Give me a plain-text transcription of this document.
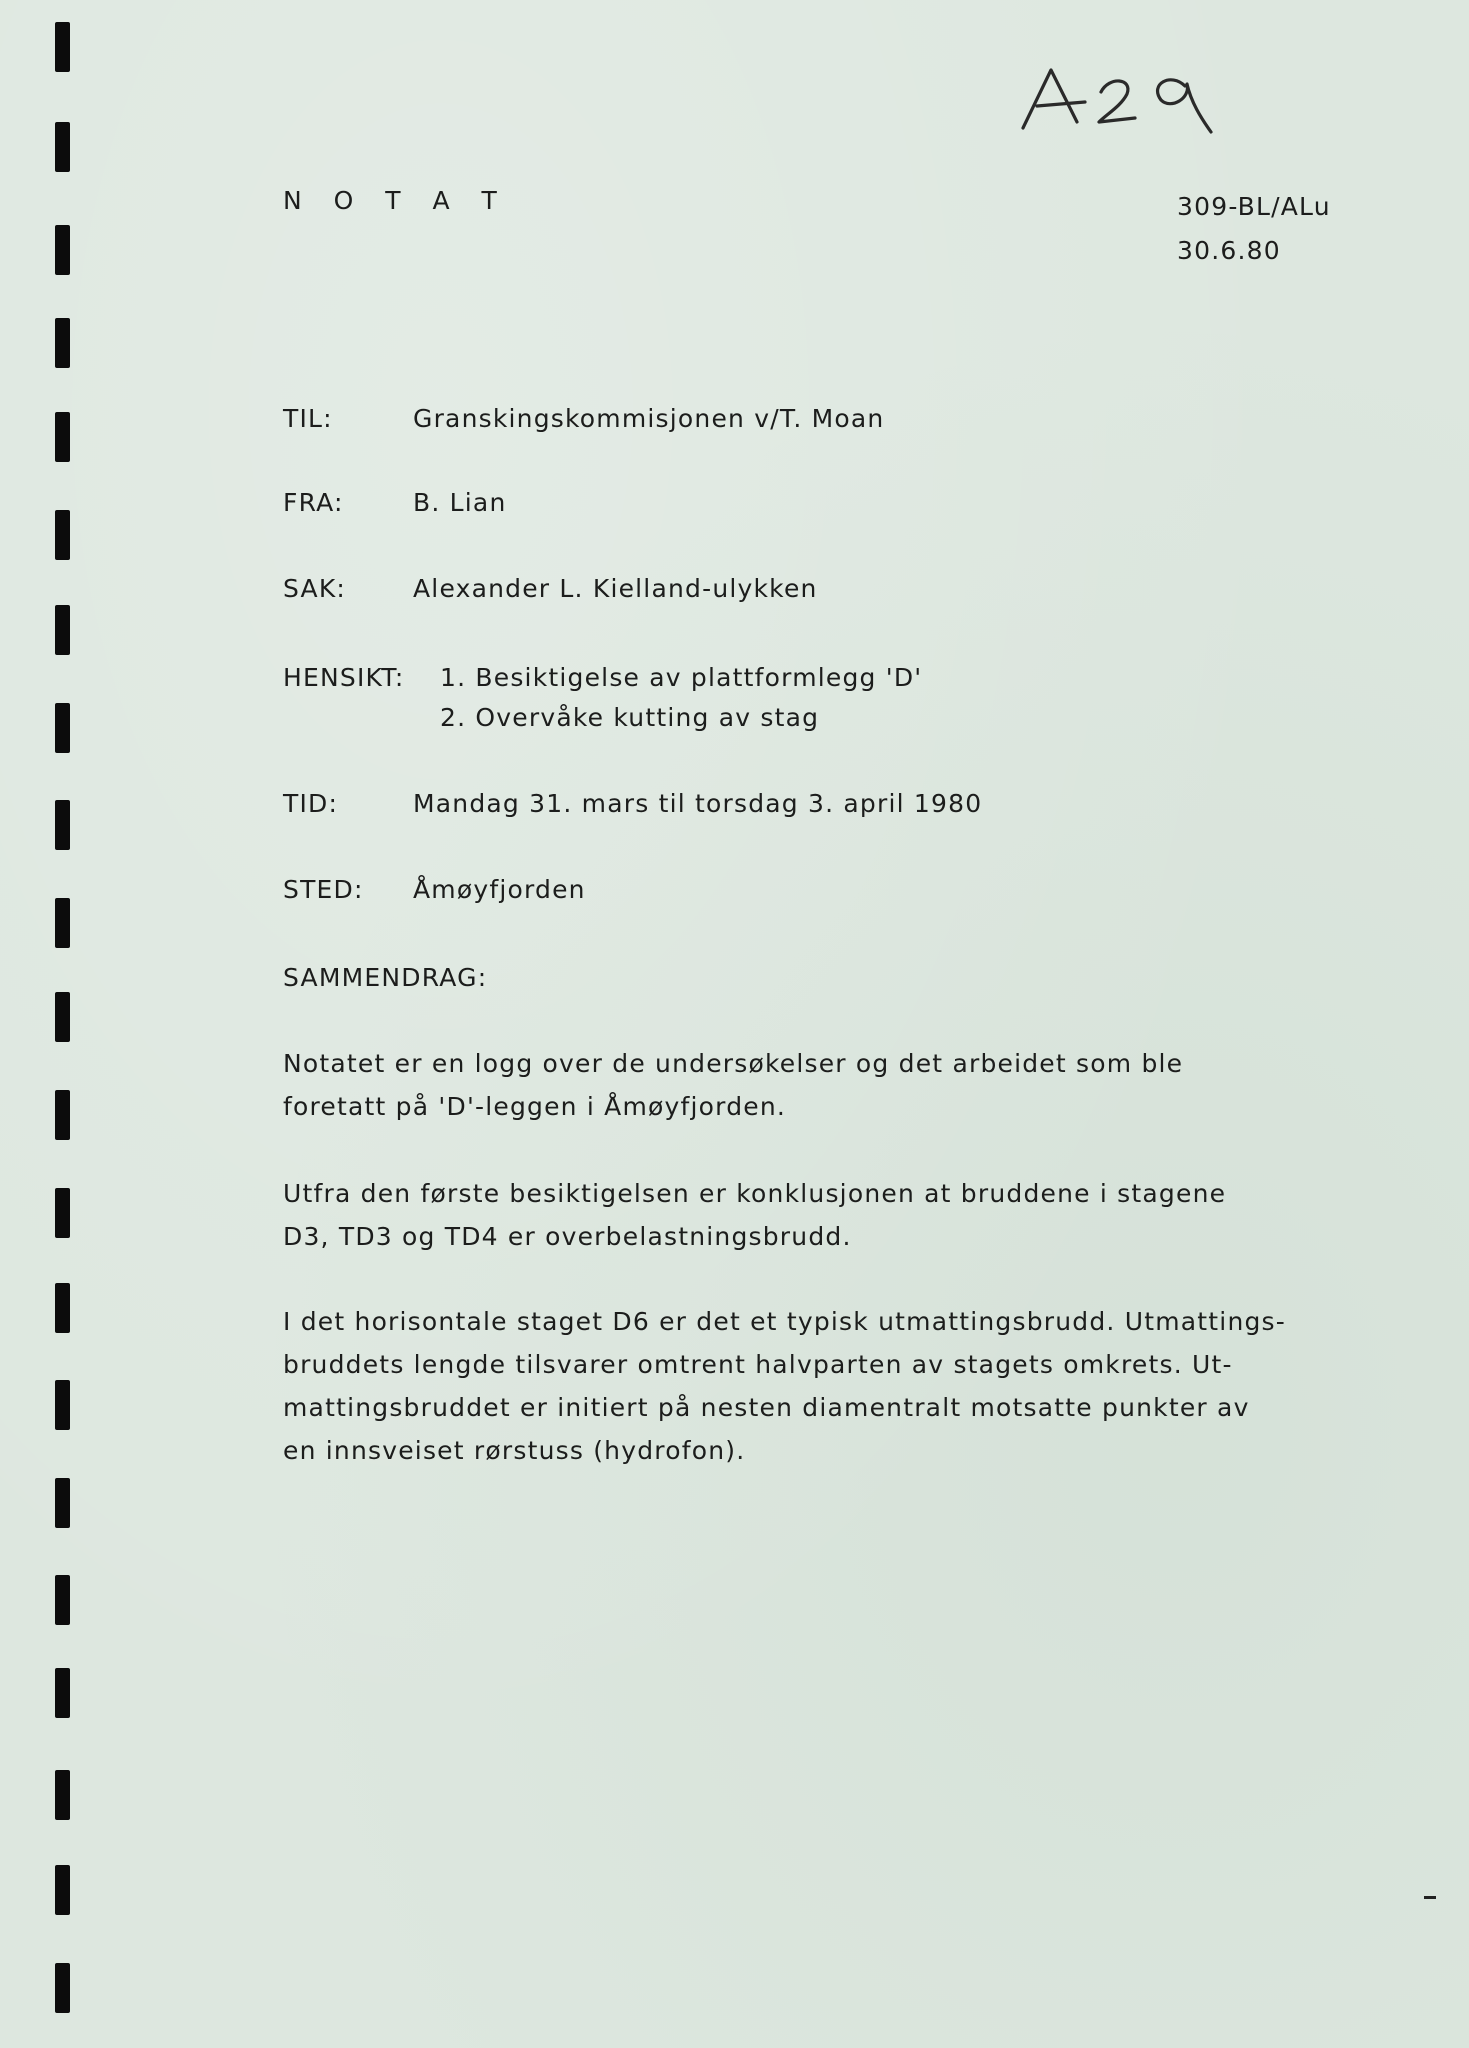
N O T A T	309-BL/ALu
30.6.80
TIL:	Granskingskommisjonen v/T. Moan
FRA:	B. Lian
SAK:	Alexander L. Kielland-ulykken
HENSIKT: 1. Besiktigelse av plattformlegg 'D'
2. Overvåke kutting av stag
TID:	Mandag 31. mars til torsdag 3. april 1980
STED: Åmøyfjorden
SAMMENDRAG:
Notatet er en logg over de undersøkelser og det arbeidet som ble
foretatt på 'D'-leggen i Åmøyfjorden.
Utfra den første besiktigelsen er konklusjonen at bruddene i stagene
D3, TD3 og TD4 er overbelastningsbrudd.
I det horisontale staget D6 er det et typisk utmattingsbrudd. Utmattings-
bruddets lengde tilsvarer omtrent halvparten av stagets omkrets. Ut-
mattingsbruddet er initiert på nesten diamentralt motsatte punkter av
en innsveiset rørstuss (hydrofon).
